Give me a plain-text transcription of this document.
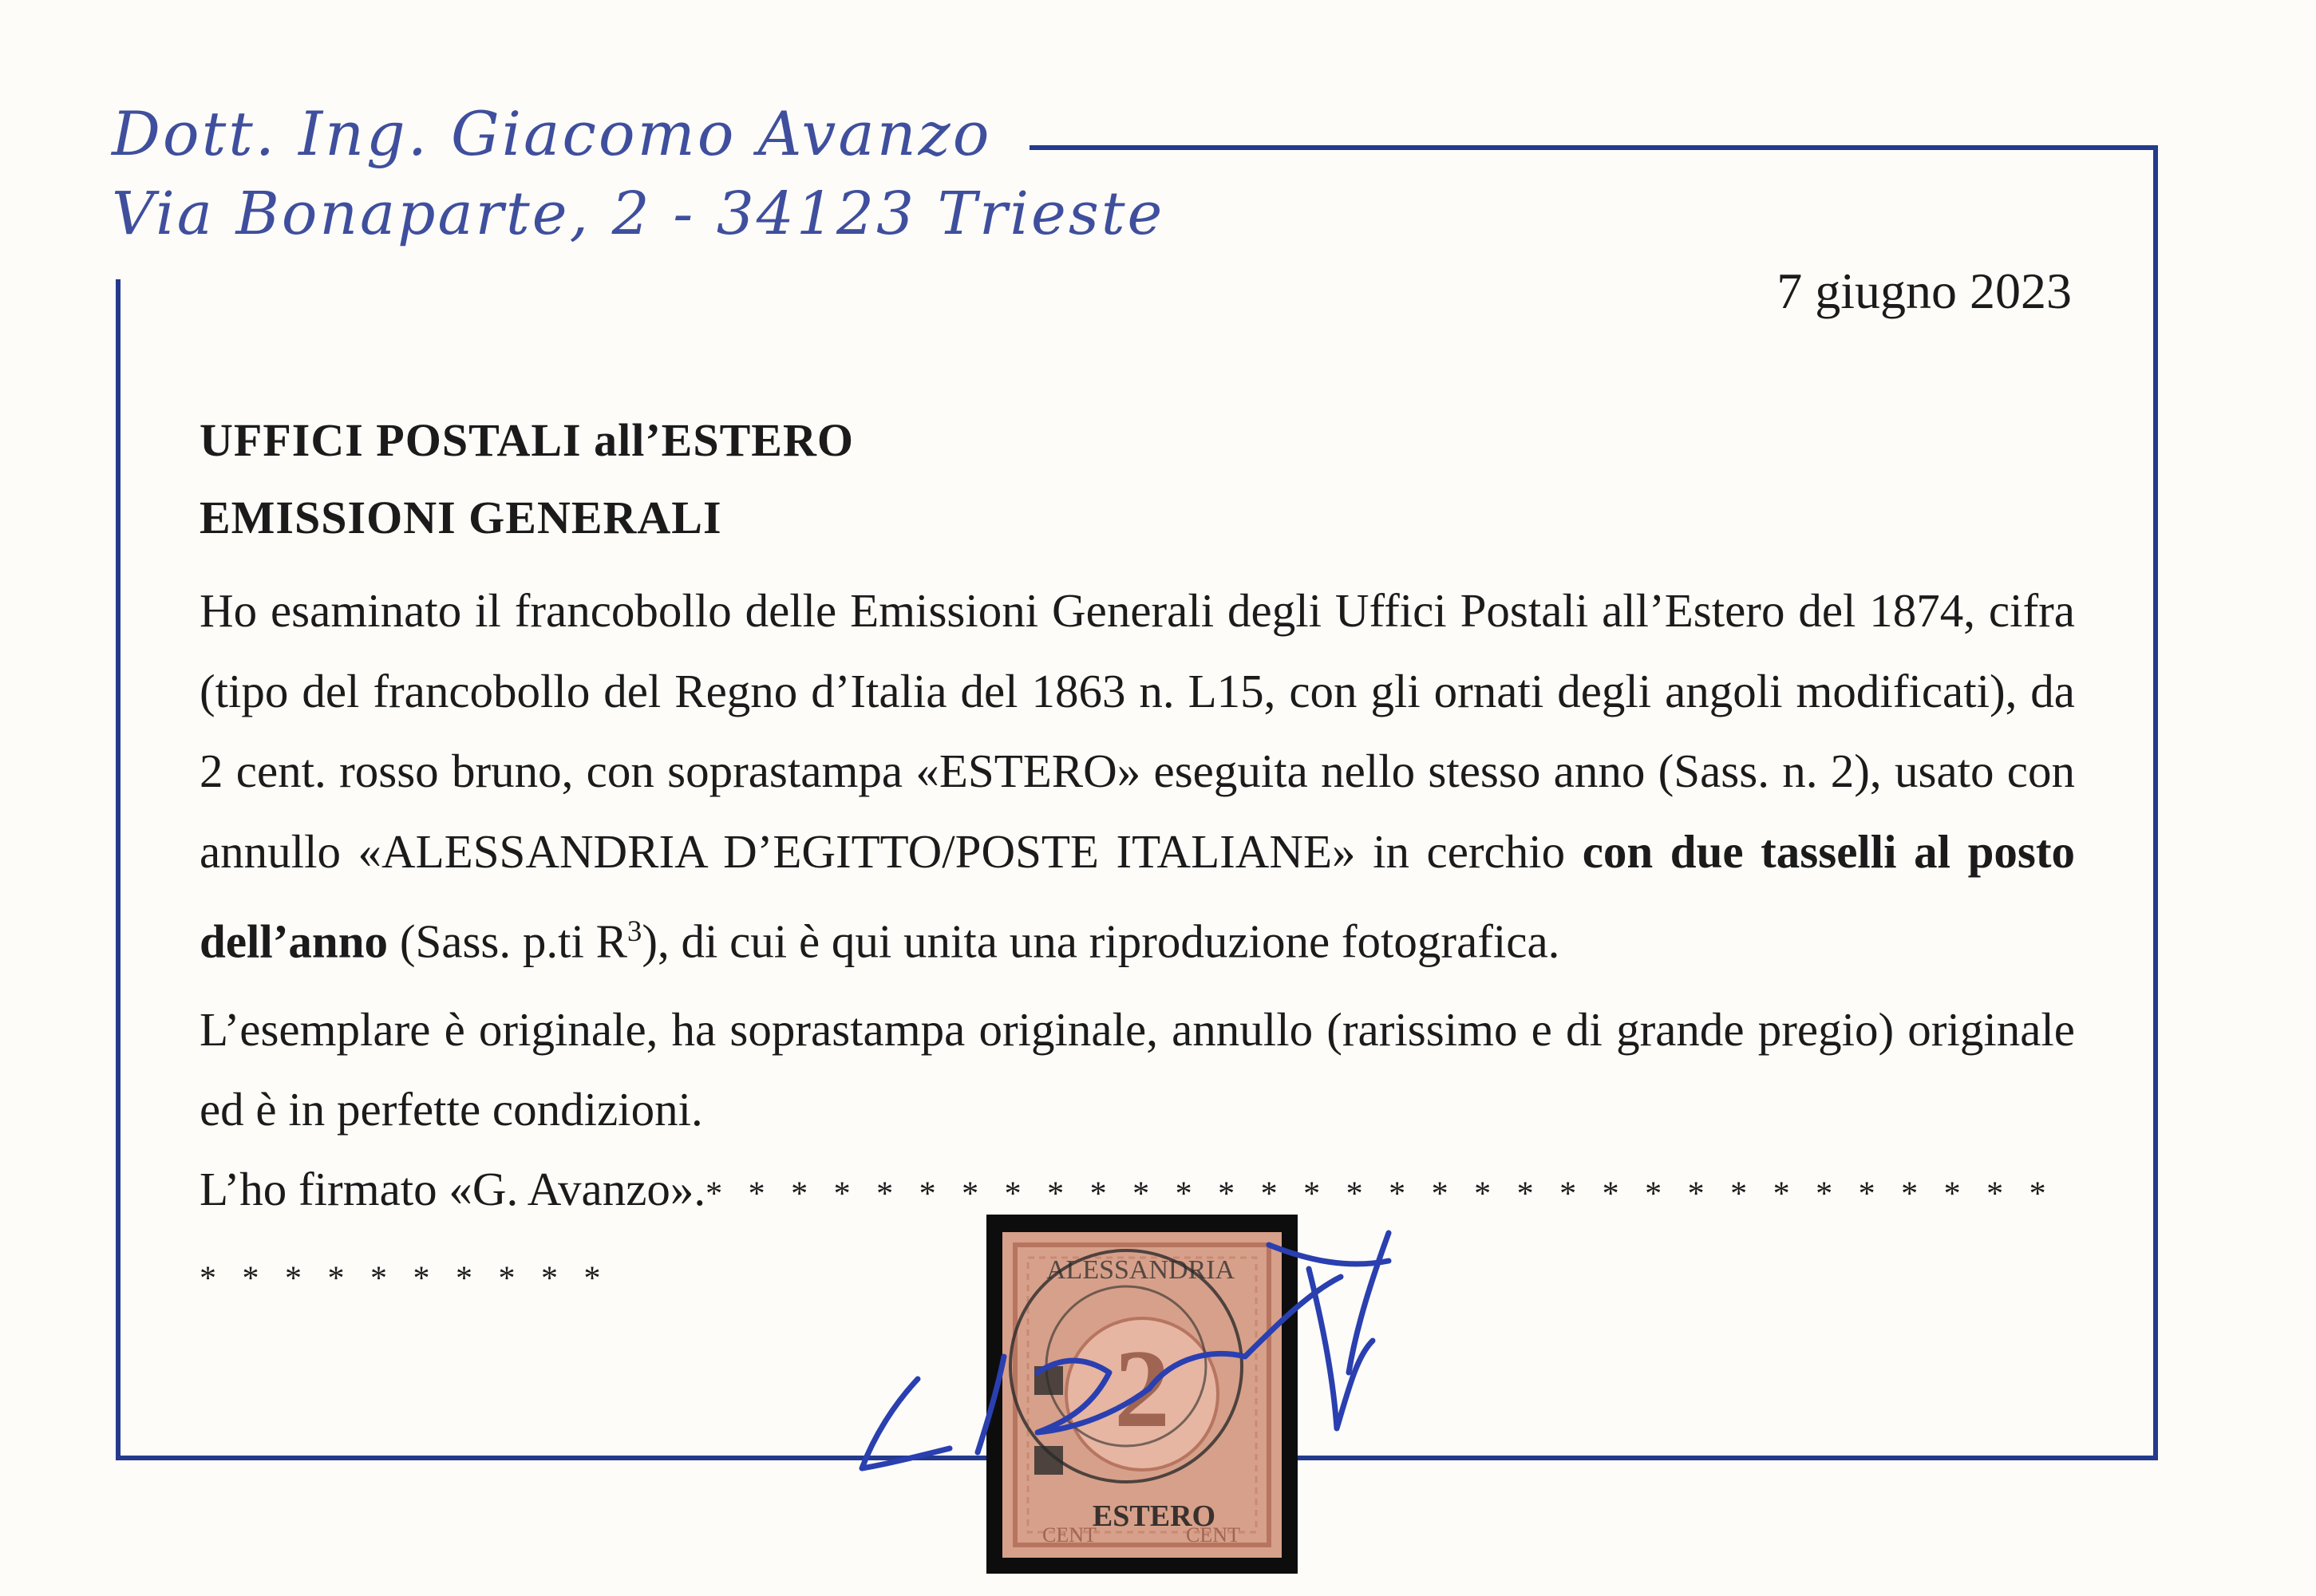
Dott. Ing. Giacomo Avanzo
Via Bonaparte, 2 - 34123 Trieste
7 giugno 2023
UFFICI POSTALI all’ESTERO
EMISSIONI GENERALI
Ho esaminato il francobollo delle Emissioni Generali degli Uffici Postali all’Estero del 1874, cifra (tipo del francobollo del Regno d’Italia del 1863 n. L15, con gli ornati degli angoli modificati), da 2 cent. rosso bruno, con soprastampa «ESTERO» eseguita nello stesso anno (Sass. n. 2), usato con annullo «ALESSANDRIA D’EGITTO/POSTE ITALIANE» in cerchio con due tasselli al posto dell’anno (Sass. p.ti $R^3$), di cui è qui unita una riproduzione fotografica.
L’esemplare è originale, ha soprastampa originale, annullo (rarissimo e di grande pregio) originale ed è in perfette condizioni.
L’ho firmato «G. Avanzo».* * * * * * * * * * * * * * * * * * * * * * * * * * * * * * * * * * * * * * * * * *
2
ALESSANDRIA
ESTERO
CENT	CENT
